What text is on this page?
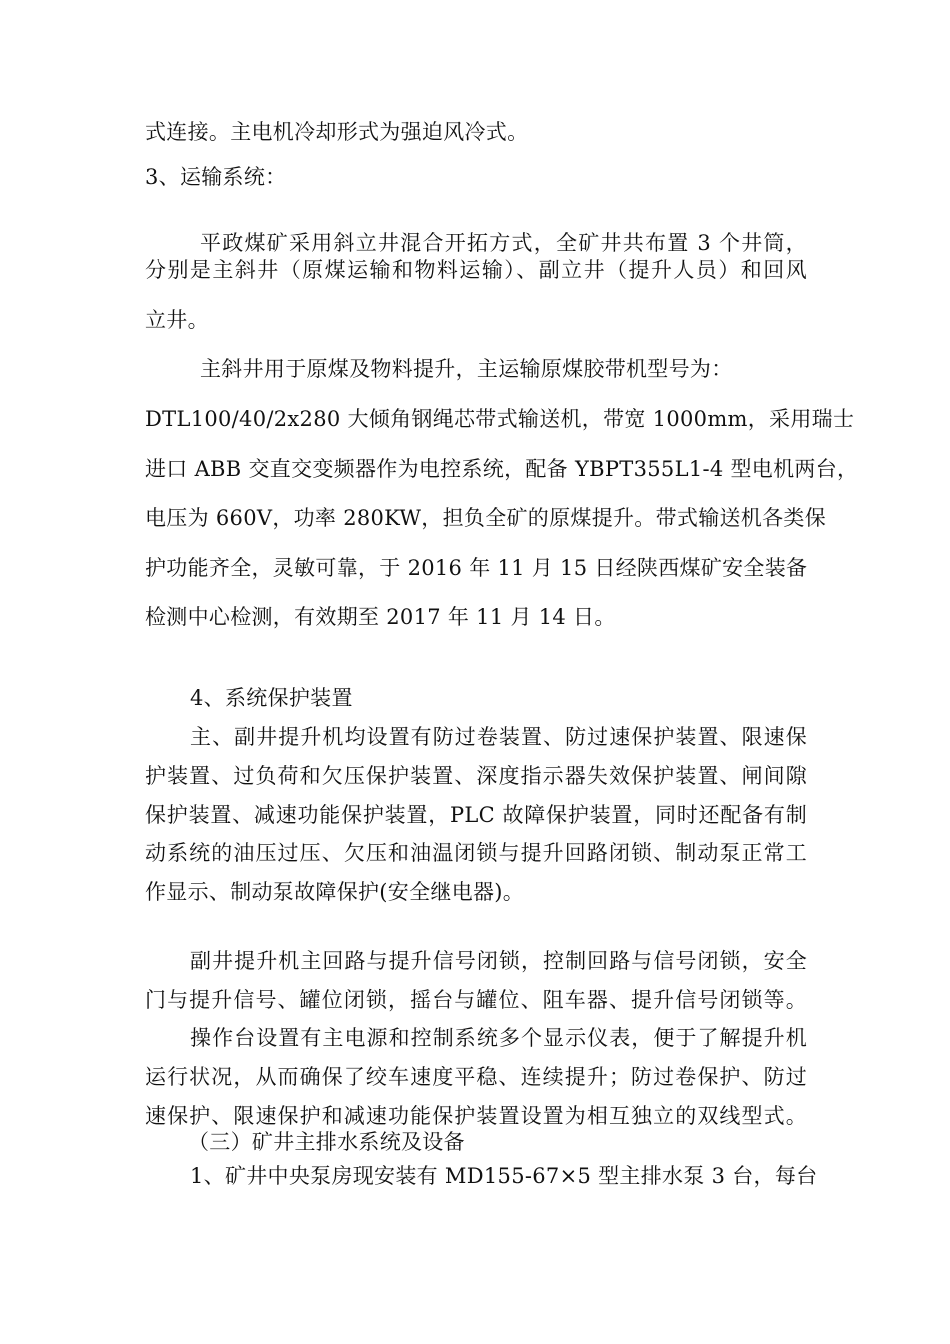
式连接。主电机冷却形式为强迫风冷式。
3、运输系统：
平政煤矿采用斜立井混合开拓方式，全矿井共布置 3 个井筒，
分别是主斜井（原煤运输和物料运输）、副立井（提升人员）和回风
立井。
主斜井用于原煤及物料提升，主运输原煤胶带机型号为：
DTL100/40/2x280 大倾角钢绳芯带式输送机，带宽 1000mm，采用瑞士
进口 ABB 交直交变频器作为电控系统，配备 YBPT355L1-4 型电机两台，
电压为 660V，功率 280KW，担负全矿的原煤提升。带式输送机各类保
护功能齐全，灵敏可靠，于 2016 年 11 月 15 日经陕西煤矿安全装备
检测中心检测，有效期至 2017 年 11 月 14 日。
4、系统保护装置
主、副井提升机均设置有防过卷装置、防过速保护装置、限速保
护装置、过负荷和欠压保护装置、深度指示器失效保护装置、闸间隙
保护装置、减速功能保护装置，PLC 故障保护装置，同时还配备有制
动系统的油压过压、欠压和油温闭锁与提升回路闭锁、制动泵正常工
作显示、制动泵故障保护(安全继电器)。
副井提升机主回路与提升信号闭锁，控制回路与信号闭锁，安全
门与提升信号、罐位闭锁，摇台与罐位、阻车器、提升信号闭锁等。
操作台设置有主电源和控制系统多个显示仪表，便于了解提升机
运行状况，从而确保了绞车速度平稳、连续提升；防过卷保护、防过
速保护、限速保护和减速功能保护装置设置为相互独立的双线型式。
（三）矿井主排水系统及设备
1、矿井中央泵房现安装有 MD155-67×5 型主排水泵 3 台，每台
